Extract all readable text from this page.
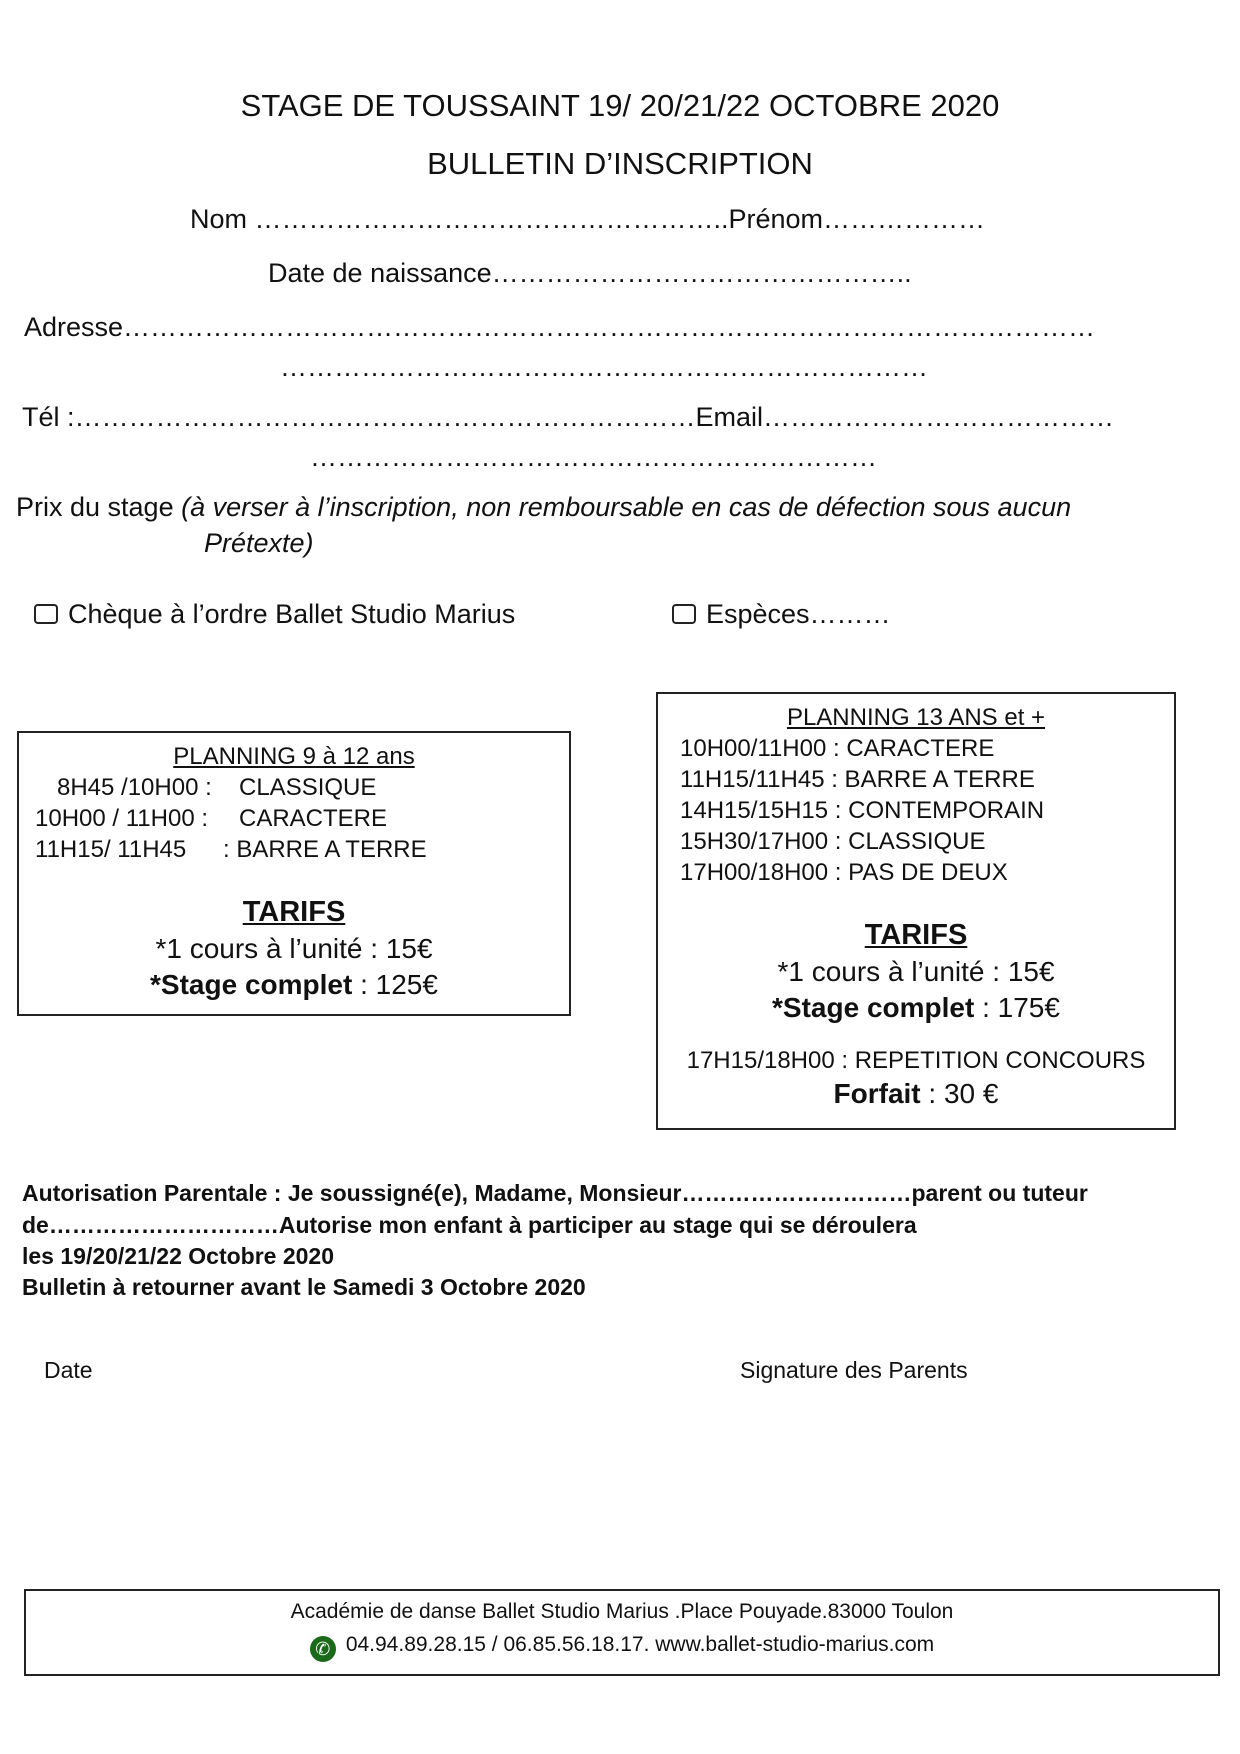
STAGE DE TOUSSAINT 19/ 20/21/22 OCTOBRE 2020
BULLETIN D’INSCRIPTION
Nom ……………………………………………..Prénom………………
Date de naissance………………………………………..
Adresse………………………………………………………………………………………………
………………………………………………………………
Tél :……………………………………………………………Email…………………………………
………………………………………………………
Prix du stage (à verser à l’inscription, non remboursable en cas de défection sous aucun
Prétexte)
Chèque à l’ordre Ballet Studio Marius	Espèces………
PLANNING 9 à 12 ans
8H45 /10H00 : CLASSIQUE
10H00 / 11H00 : CARACTERE
11H15/ 11H45 : BARRE A TERRE
TARIFS
*1 cours à l’unité : 15€
*Stage complet : 125€
PLANNING 13 ANS et +
10H00/11H00 : CARACTERE
11H15/11H45 : BARRE A TERRE
14H15/15H15 : CONTEMPORAIN
15H30/17H00 : CLASSIQUE
17H00/18H00 : PAS DE DEUX
TARIFS
*1 cours à l’unité : 15€
*Stage complet : 175€
17H15/18H00 : REPETITION CONCOURS
Forfait : 30 €
Autorisation Parentale : Je soussigné(e), Madame, Monsieur…………………………parent ou tuteur
de…………………………Autorise mon enfant à participer au stage qui se déroulera
les 19/20/21/22 Octobre 2020
Bulletin à retourner avant le Samedi 3 Octobre 2020
Date	Signature des Parents
Académie de danse Ballet Studio Marius .Place Pouyade.83000 Toulon
✆ 04.94.89.28.15 / 06.85.56.18.17. www.ballet-studio-marius.com
